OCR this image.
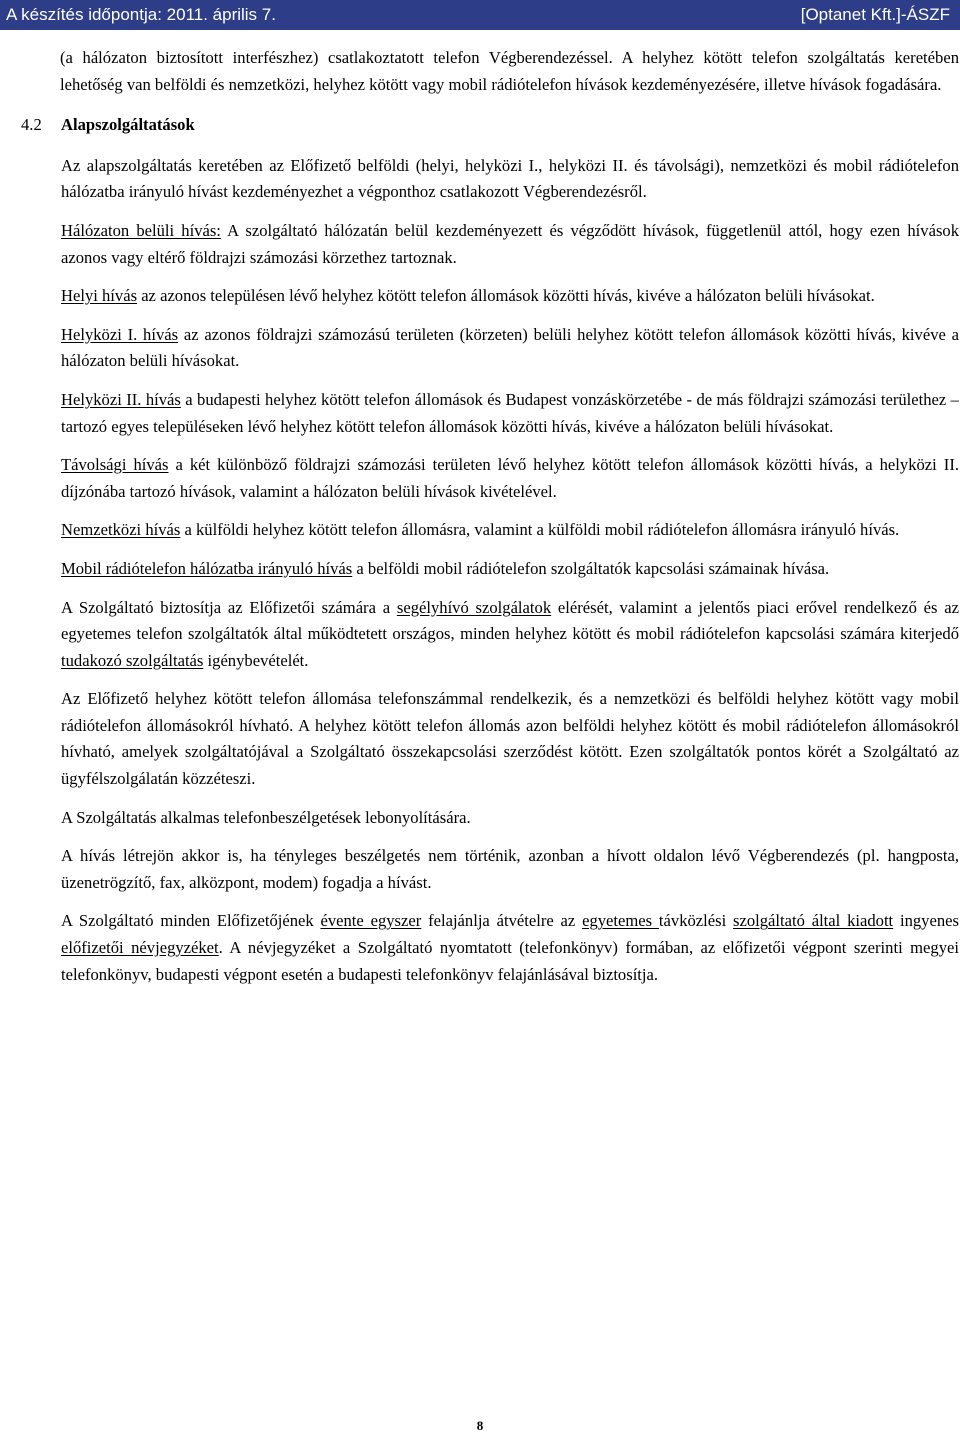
A készítés időpontja: 2011. április 7.	[Optanet Kft.]-ÁSZF

(a hálózaton biztosított interfészhez) csatlakoztatott telefon Végberendezéssel. A helyhez kötött telefon szolgáltatás keretében lehetőség van belföldi és nemzetközi, helyhez kötött vagy mobil rádiótelefon hívások kezdeményezésére, illetve hívások fogadására.

4.2 Alapszolgáltatások

Az alapszolgáltatás keretében az Előfizető belföldi (helyi, helyközi I., helyközi II. és távolsági), nemzetközi és mobil rádiótelefon hálózatba irányuló hívást kezdeményezhet a végponthoz csatlakozott Végberendezésről.

Hálózaton belüli hívás: A szolgáltató hálózatán belül kezdeményezett és végződött hívások, függetlenül attól, hogy ezen hívások azonos vagy eltérő földrajzi számozási körzethez tartoznak.

Helyi hívás az azonos településen lévő helyhez kötött telefon állomások közötti hívás, kivéve a hálózaton belüli hívásokat.

Helyközi I. hívás az azonos földrajzi számozású területen (körzeten) belüli helyhez kötött telefon állomások közötti hívás, kivéve a hálózaton belüli hívásokat.

Helyközi II. hívás a budapesti helyhez kötött telefon állomások és Budapest vonzáskörzetébe - de más földrajzi számozási területhez – tartozó egyes településeken lévő helyhez kötött telefon állomások közötti hívás, kivéve a hálózaton belüli hívásokat.

Távolsági hívás a két különböző földrajzi számozási területen lévő helyhez kötött telefon állomások közötti hívás, a helyközi II. díjzónába tartozó hívások, valamint a hálózaton belüli hívások kivételével.

Nemzetközi hívás a külföldi helyhez kötött telefon állomásra, valamint a külföldi mobil rádiótelefon állomásra irányuló hívás.

Mobil rádiótelefon hálózatba irányuló hívás a belföldi mobil rádiótelefon szolgáltatók kapcsolási számainak hívása.

A Szolgáltató biztosítja az Előfizetői számára a segélyhívó szolgálatok elérését, valamint a jelentős piaci erővel rendelkező és az egyetemes telefon szolgáltatók által működtetett országos, minden helyhez kötött és mobil rádiótelefon kapcsolási számára kiterjedő tudakozó szolgáltatás igénybevételét.

Az Előfizető helyhez kötött telefon állomása telefonszámmal rendelkezik, és a nemzetközi és belföldi helyhez kötött vagy mobil rádiótelefon állomásokról hívható. A helyhez kötött telefon állomás azon belföldi helyhez kötött és mobil rádiótelefon állomásokról hívható, amelyek szolgáltatójával a Szolgáltató összekapcsolási szerződést kötött. Ezen szolgáltatók pontos körét a Szolgáltató az ügyfélszolgálatán közzéteszi.

A Szolgáltatás alkalmas telefonbeszélgetések lebonyolítására.

A hívás létrejön akkor is, ha tényleges beszélgetés nem történik, azonban a hívott oldalon lévő Végberendezés (pl. hangposta, üzenetrögzítő, fax, alközpont, modem) fogadja a hívást.

A Szolgáltató minden Előfizetőjének évente egyszer felajánlja átvételre az egyetemes távközlési szolgáltató által kiadott ingyenes előfizetői névjegyzéket. A névjegyzéket a Szolgáltató nyomtatott (telefonkönyv) formában, az előfizetői végpont szerinti megyei telefonkönyv, budapesti végpont esetén a budapesti telefonkönyv felajánlásával biztosítja.

8
